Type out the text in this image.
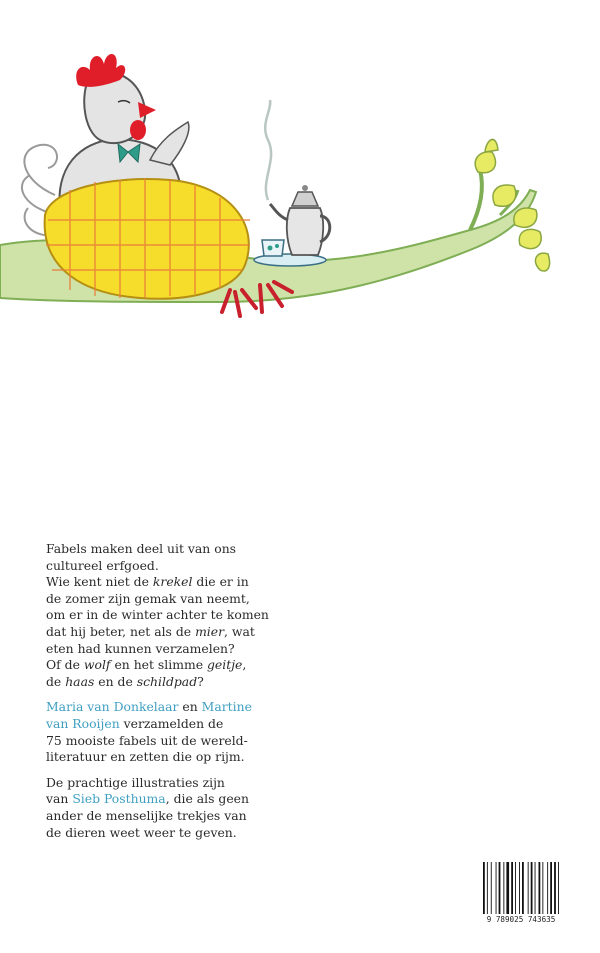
Fabels maken deel uit van ons
cultureel erfgoed.
Wie kent niet de krekel die er in
de zomer zijn gemak van neemt,
om er in de winter achter te komen
dat hij beter, net als de mier, wat
eten had kunnen verzamelen?
Of de wolf en het slimme geitje,
de haas en de schildpad?

Maria van Donkelaar en Martine
van Rooijen verzamelden de
75 mooiste fabels uit de wereld-
literatuur en zetten die op rijm.

De prachtige illustraties zijn
van Sieb Posthuma, die als geen
ander de menselijke trekjes van
de dieren weet weer te geven.

9 789025 743635
